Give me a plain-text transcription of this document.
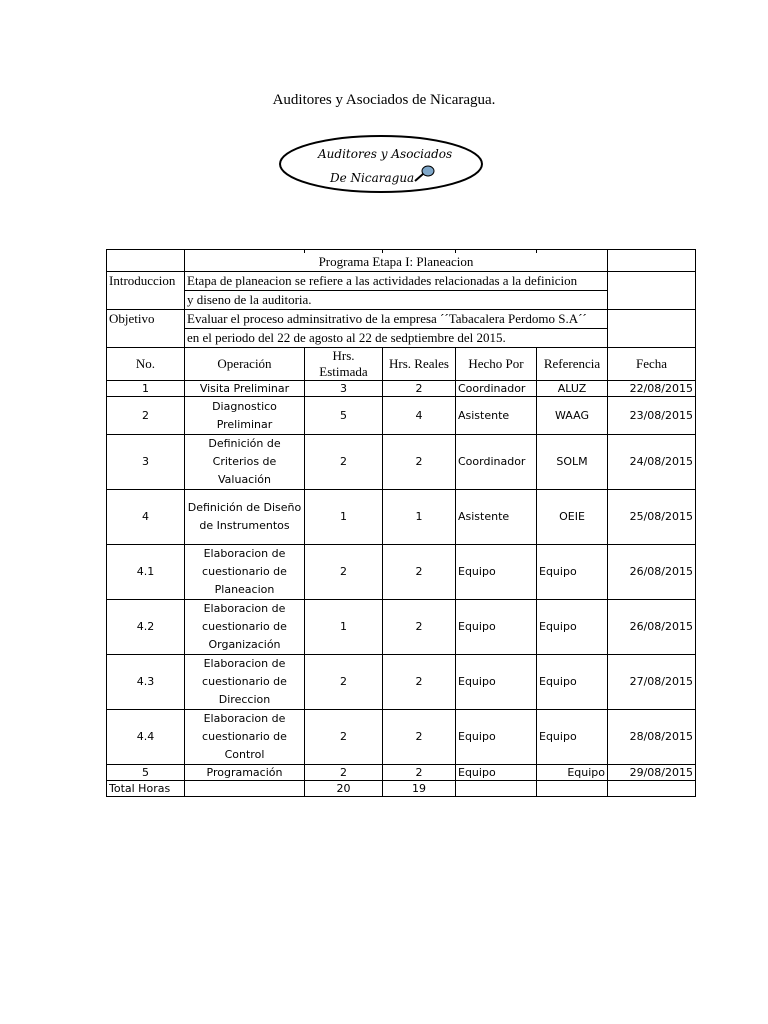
Auditores y Asociados de Nicaragua.
Auditores y Asociados
De Nicaragua

	Programa Etapa I: Planeacion					
Introduccion	Etapa de planeacion se refiere a las actividades relacionadas a la definicion					
	y diseno de la auditoria.					
Objetivo	Evaluar el proceso adminsitrativo de la empresa ´´Tabacalera Perdomo S.A´´					
	en el periodo del 22 de agosto al 22 de sedptiembre del 2015.					
No.	Operación	Hrs. Estimada	Hrs. Reales	Hecho Por	Referencia	Fecha
1	Visita Preliminar	3	2	Coordinador	ALUZ	22/08/2015
2	Diagnostico
Preliminar	5	4	Asistente	WAAG	23/08/2015
3	Definición de
Criterios de
Valuación	2	2	Coordinador	SOLM	24/08/2015
4	Definición de Diseño
de Instrumentos	1	1	Asistente	OEIE	25/08/2015
4.1	Elaboracion de
cuestionario de
Planeacion	2	2	Equipo	Equipo	26/08/2015
4.2	Elaboracion de
cuestionario de
Organización	1	2	Equipo	Equipo	26/08/2015
4.3	Elaboracion de
cuestionario de
Direccion	2	2	Equipo	Equipo	27/08/2015
4.4	Elaboracion de
cuestionario de
Control	2	2	Equipo	Equipo	28/08/2015
5	Programación	2	2	Equipo	Equipo	29/08/2015
Total Horas		20	19			
